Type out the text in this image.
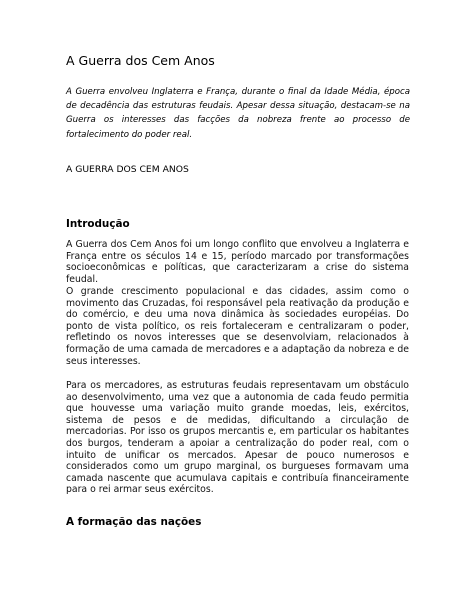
A Guerra dos Cem Anos
A Guerra envolveu Inglaterra e França, durante o final da Idade Média, época de decadência das estruturas feudais. Apesar dessa situação, destacam-se na Guerra os interesses das facções da nobreza frente ao processo de fortalecimento do poder real.
A GUERRA DOS CEM ANOS
Introdução

A Guerra dos Cem Anos foi um longo conflito que envolveu a Inglaterra e França entre os séculos 14 e 15, período marcado por transformações socioeconômicas e políticas, que caracterizaram a crise do sistema feudal.

O grande crescimento populacional e das cidades, assim como o movimento das Cruzadas, foi responsável pela reativação da produção e do comércio, e deu uma nova dinâmica às sociedades européias. Do ponto de vista político, os reis fortaleceram e centralizaram o poder, refletindo os novos interesses que se desenvolviam, relacionados à formação de uma camada de mercadores e a adaptação da nobreza e de seus interesses.

Para os mercadores, as estruturas feudais representavam um obstáculo ao desenvolvimento, uma vez que a autonomia de cada feudo permitia que houvesse uma variação muito grande moedas, leis, exércitos, sistema de pesos e de medidas, dificultando a circulação de mercadorias. Por isso os grupos mercantis e, em particular os habitantes dos burgos, tenderam a apoiar a centralização do poder real, com o intuito de unificar os mercados. Apesar de pouco numerosos e considerados como um grupo marginal, os burgueses formavam uma camada nascente que acumulava capitais e contribuía financeiramente para o rei armar seus exércitos.

A formação das nações
